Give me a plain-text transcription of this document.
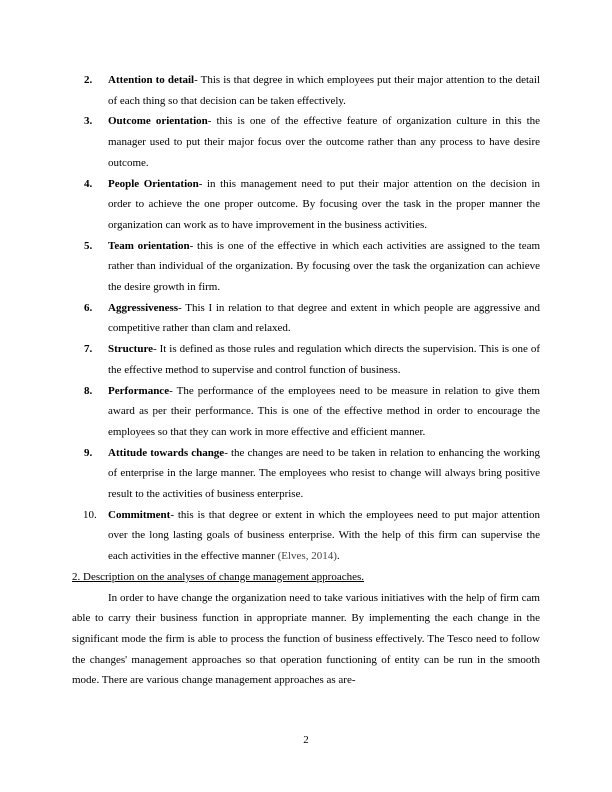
2.	Attention to detail- This is that degree in which employees put their major attention to the detail of each thing so that decision can be taken effectively.
3.	Outcome orientation- this is one of the effective feature of organization culture in this the manager used to put their major focus over the outcome rather than any process to have desire outcome.
4.	People Orientation- in this management need to put their major attention on the decision in order to achieve the one proper outcome. By focusing over the task in the proper manner the organization can work as to have improvement in the business activities.
5.	Team orientation- this is one of the effective in which each activities are assigned to the team rather than individual of the organization. By focusing over the task the organization can achieve the desire growth in firm.
6.	Aggressiveness- This I in relation to that degree and extent in which people are aggressive and competitive rather than clam and relaxed.
7.	Structure- It is defined as those rules and regulation which directs the supervision. This is one of the effective method to supervise and control function of business.
8.	Performance- The performance of the employees need to be measure in relation to give them award as per their performance. This is one of the effective method in order to encourage the employees so that they can work in more effective and efficient manner.
9.	Attitude towards change- the changes are need to be taken in relation to enhancing the working of enterprise in the large manner. The employees who resist to change will always bring positive result to the activities of business enterprise.
10.	Commitment- this is that degree or extent in which the employees need to put major attention over the long lasting goals of business enterprise. With the help of this firm can supervise the each activities in the effective manner (Elves, 2014).

2. Description on the analyses of change management approaches.

In order to have change the organization need to take various initiatives with the help of firm cam able to carry their business function in appropriate manner. By implementing the each change in the significant mode the firm is able to process the function of business effectively. The Tesco need to follow the changes' management approaches so that operation functioning of entity can be run in the smooth mode. There are various change management approaches as are-

2
